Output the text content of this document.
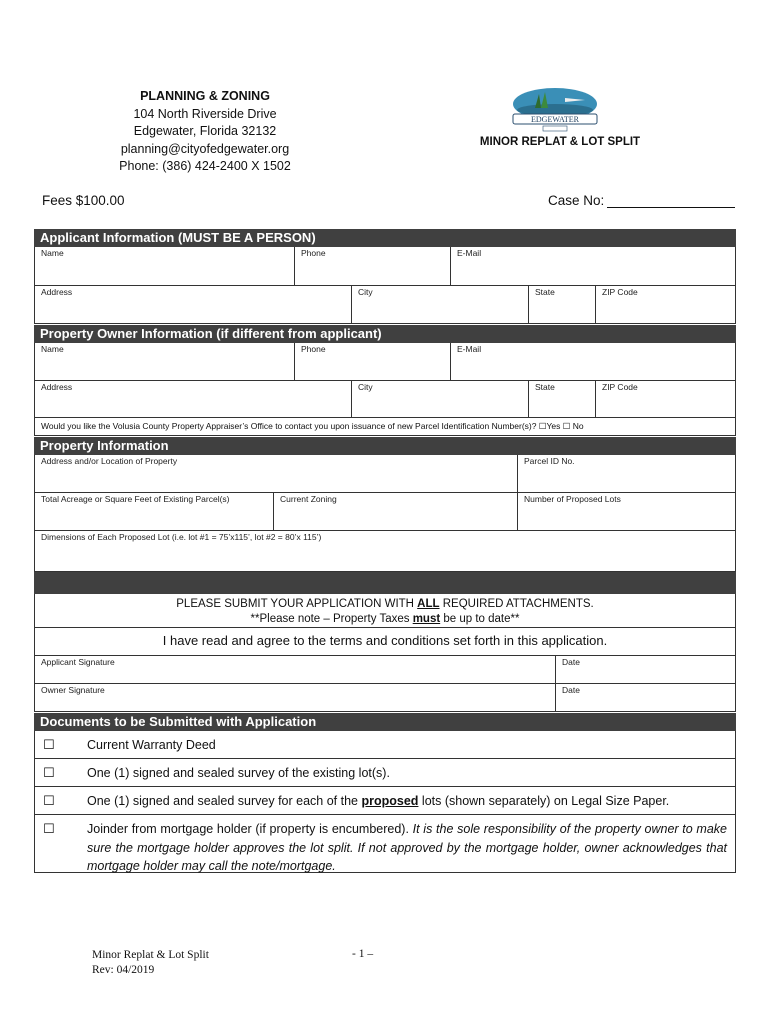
PLANNING & ZONING
104 North Riverside Drive
Edgewater, Florida 32132
planning@cityofedgewater.org
Phone: (386) 424-2400 X 1502
EDGEWATER
MINOR REPLAT & LOT SPLIT
Fees $100.00	Case No:
Applicant Information (MUST BE A PERSON)
Name	Phone	E-Mail
Address	City	State	ZIP Code
Property Owner Information (if different from applicant)
Name	Phone	E-Mail
Address	City	State	ZIP Code
Would you like the Volusia County Property Appraiser’s Office to contact you upon issuance of new Parcel Identification Number(s)? ☐Yes ☐ No
Property Information
Address and/or Location of Property	Parcel ID No.
Total Acreage or Square Feet of Existing Parcel(s)	Current Zoning	Number of Proposed Lots
Dimensions of Each Proposed Lot (i.e. lot #1 = 75’x115’, lot #2 = 80’x 115’)
PLEASE SUBMIT YOUR APPLICATION WITH ALL REQUIRED ATTACHMENTS.
**Please note – Property Taxes must be up to date**
I have read and agree to the terms and conditions set forth in this application.
Applicant Signature	Date
Owner Signature	Date
Documents to be Submitted with Application
☐	Current Warranty Deed
☐	One (1) signed and sealed survey of the existing lot(s).
☐	One (1) signed and sealed survey for each of the proposed lots (shown separately) on Legal Size Paper.
☐	Joinder from mortgage holder (if property is encumbered). It is the sole responsibility of the property owner to make sure the mortgage holder approves the lot split. If not approved by the mortgage holder, owner acknowledges that mortgage holder may call the note/mortgage.
Minor Replat & Lot Split
Rev: 04/2019
- 1 –
